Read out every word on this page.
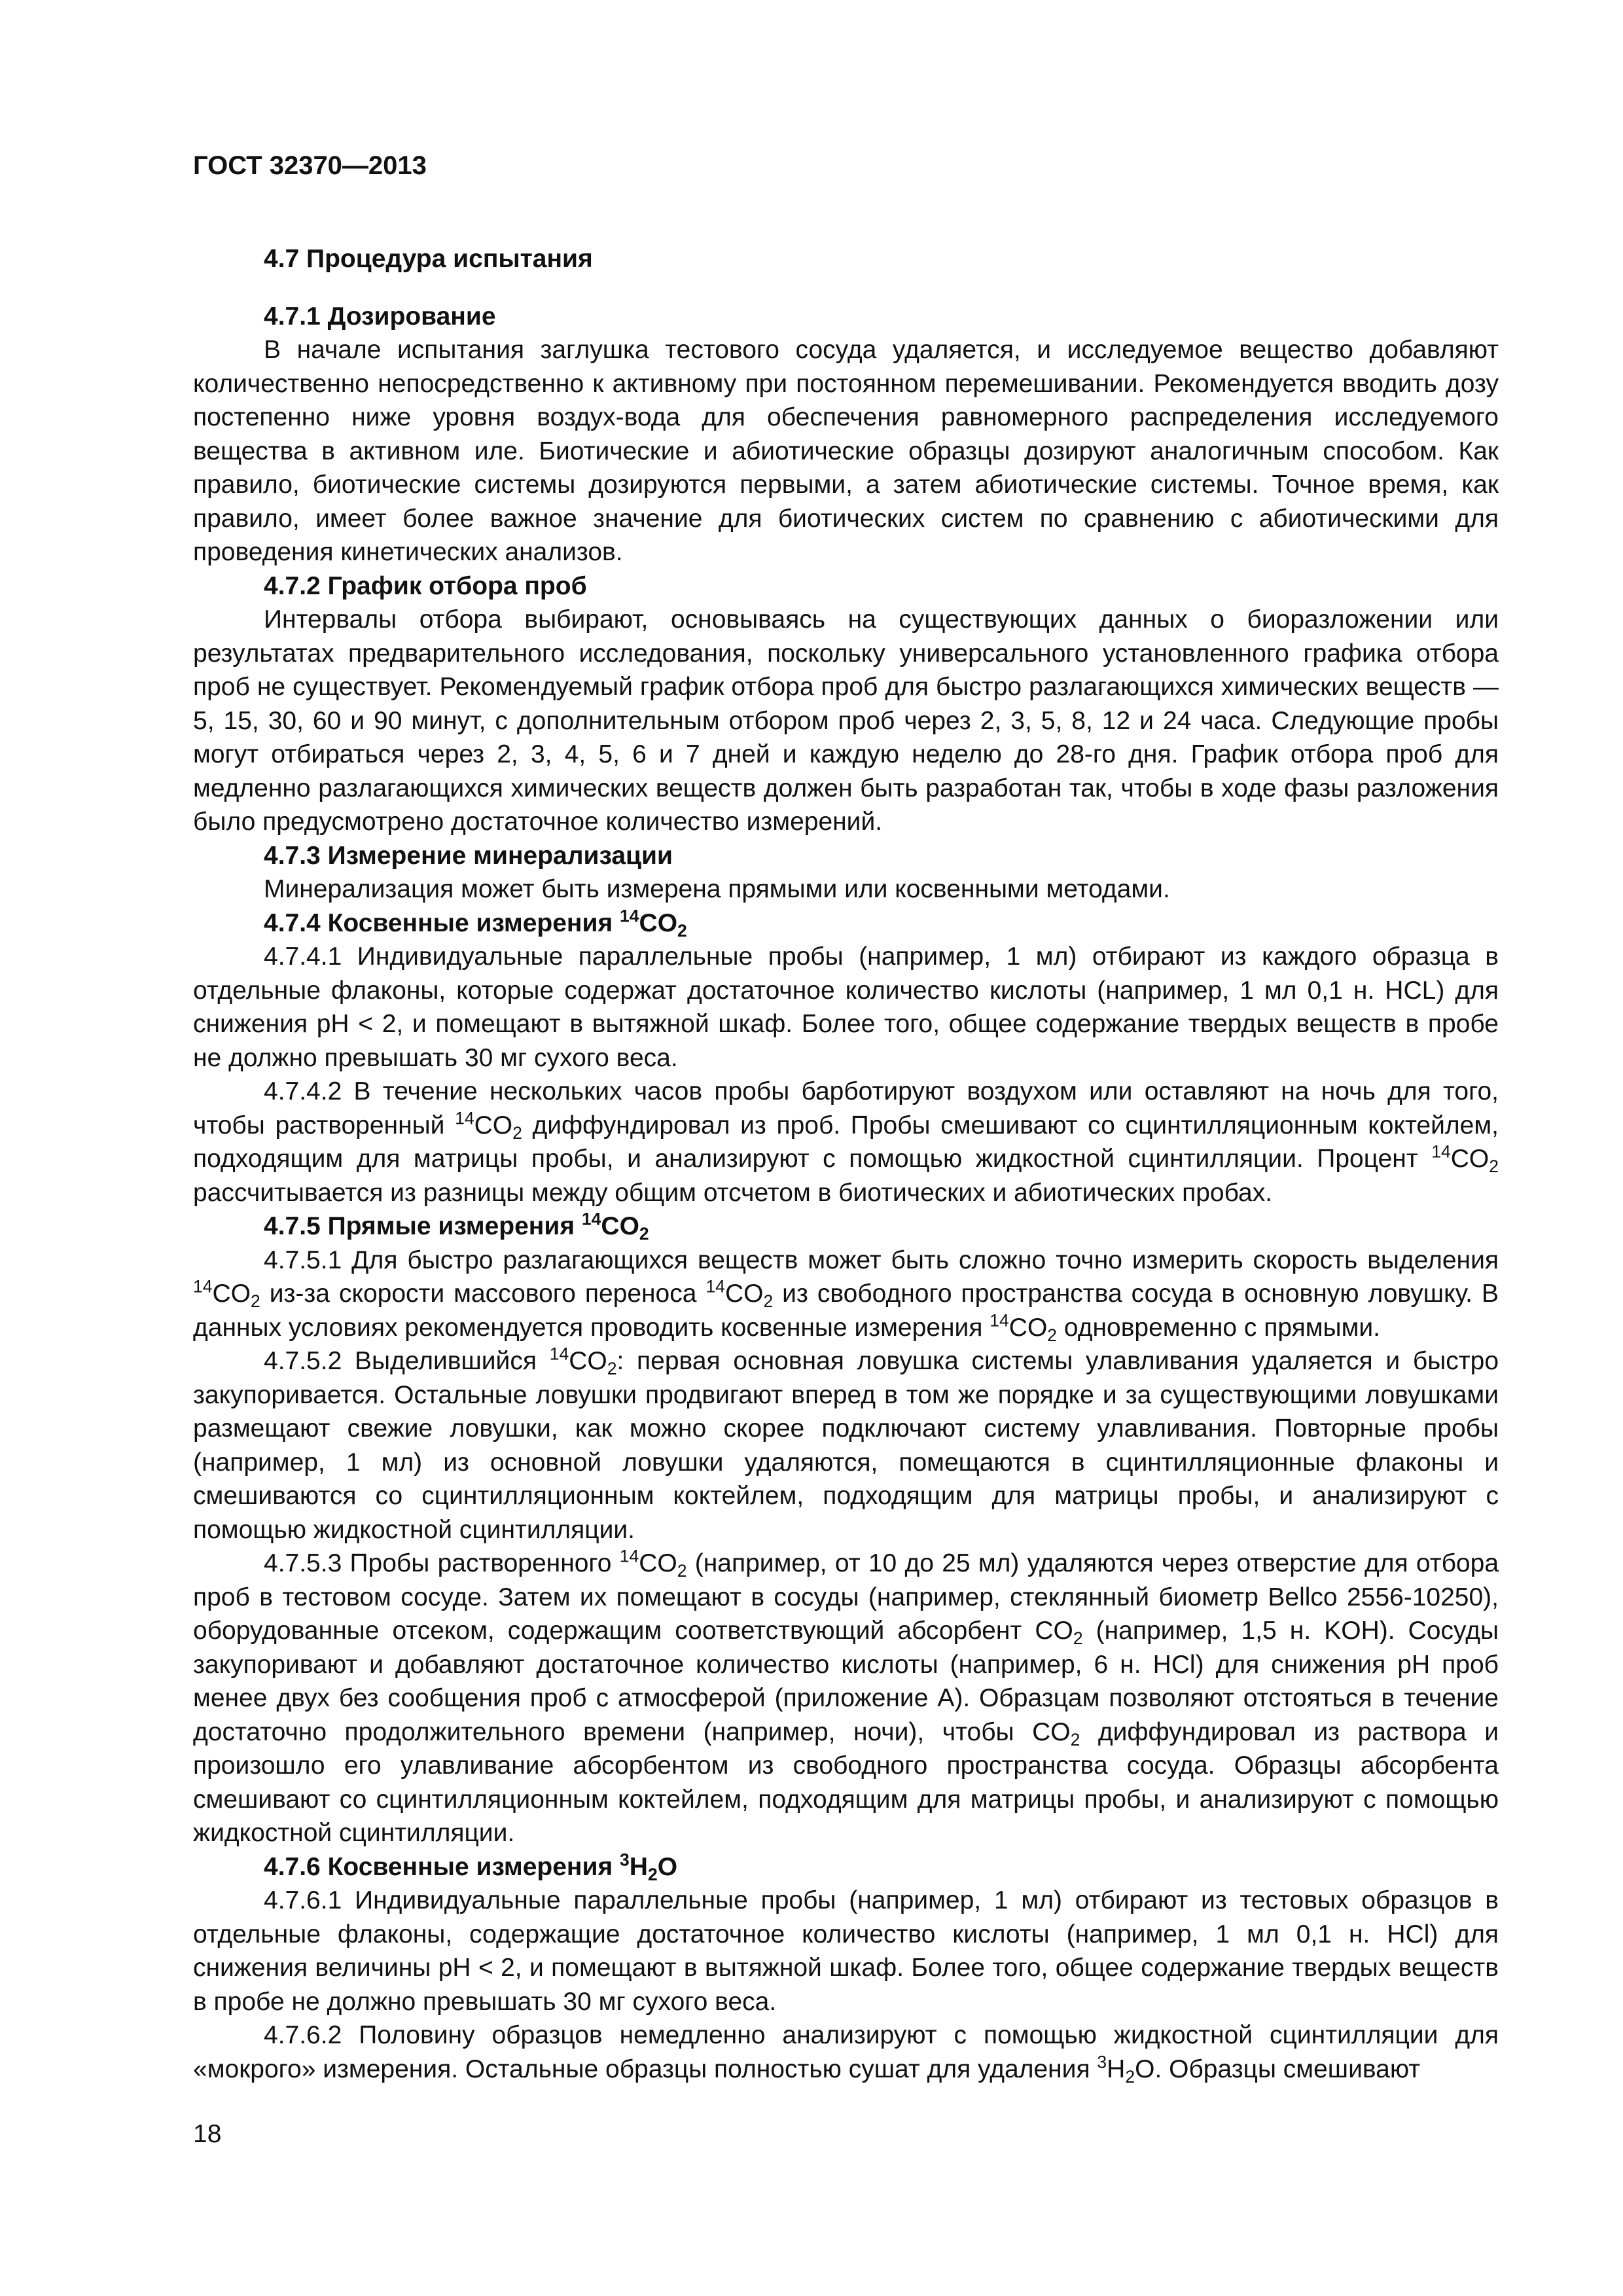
ГОСТ 32370—2013
4.7 Процедура испытания
4.7.1 Дозирование

В начале испытания заглушка тестового сосуда удаляется, и исследуемое вещество добавляют количественно непосредственно к активному при постоянном перемешивании. Рекомендуется вводить дозу постепенно ниже уровня воздух-вода для обеспечения равномерного распределения исследуемого вещества в активном иле. Биотические и абиотические образцы дозируют аналогичным способом. Как правило, биотические системы дозируются первыми, а затем абиотические системы. Точное время, как правило, имеет более важное значение для биотических систем по сравнению с абиотическими для проведения кинетических анализов.

4.7.2 График отбора проб

Интервалы отбора выбирают, основываясь на существующих данных о биоразложении или результатах предварительного исследования, поскольку универсального установленного графика отбора проб не существует. Рекомендуемый график отбора проб для быстро разлагающихся химических веществ — 5, 15, 30, 60 и 90 минут, с дополнительным отбором проб через 2, 3, 5, 8, 12 и 24 часа. Следующие пробы могут отбираться через 2, 3, 4, 5, 6 и 7 дней и каждую неделю до 28-го дня. График отбора проб для медленно разлагающихся химических веществ должен быть разработан так, чтобы в ходе фазы разложения было предусмотрено достаточное количество измерений.

4.7.3 Измерение минерализации

Минерализация может быть измерена прямыми или косвенными методами.

4.7.4 Косвенные измерения $^{14}CO_2$

4.7.4.1 Индивидуальные параллельные пробы (например, 1 мл) отбирают из каждого образца в отдельные флаконы, которые содержат достаточное количество кислоты (например, 1 мл 0,1 н. HCL) для снижения pH < 2, и помещают в вытяжной шкаф. Более того, общее содержание твердых веществ в пробе не должно превышать 30 мг сухого веса.

4.7.4.2 В течение нескольких часов пробы барботируют воздухом или оставляют на ночь для того, чтобы растворенный $^{14}CO_2$ диффундировал из проб. Пробы смешивают со сцинтилляционным коктейлем, подходящим для матрицы пробы, и анализируют с помощью жидкостной сцинтилляции. Процент $^{14}CO_2$ рассчитывается из разницы между общим отсчетом в биотических и абиотических пробах.

4.7.5 Прямые измерения $^{14}CO_2$

4.7.5.1 Для быстро разлагающихся веществ может быть сложно точно измерить скорость выделения $^{14}CO_2$ из-за скорости массового переноса $^{14}CO_2$ из свободного пространства сосуда в основную ловушку. В данных условиях рекомендуется проводить косвенные измерения $^{14}CO_2$ одновременно с прямыми.

4.7.5.2 Выделившийся $^{14}CO_2$: первая основная ловушка системы улавливания удаляется и быстро закупоривается. Остальные ловушки продвигают вперед в том же порядке и за существующими ловушками размещают свежие ловушки, как можно скорее подключают систему улавливания. Повторные пробы (например, 1 мл) из основной ловушки удаляются, помещаются в сцинтилляционные флаконы и смешиваются со сцинтилляционным коктейлем, подходящим для матрицы пробы, и анализируют с помощью жидкостной сцинтилляции.

4.7.5.3 Пробы растворенного $^{14}CO_2$ (например, от 10 до 25 мл) удаляются через отверстие для отбора проб в тестовом сосуде. Затем их помещают в сосуды (например, стеклянный биометр Bellco 2556-10250), оборудованные отсеком, содержащим соответствующий абсорбент $CO_2$ (например, 1,5 н. KOH). Сосуды закупоривают и добавляют достаточное количество кислоты (например, 6 н. HCl) для снижения pH проб менее двух без сообщения проб с атмосферой (приложение A). Образцам позволяют отстояться в течение достаточно продолжительного времени (например, ночи), чтобы $CO_2$ диффундировал из раствора и произошло его улавливание абсорбентом из свободного пространства сосуда. Образцы абсорбента смешивают со сцинтилляционным коктейлем, подходящим для матрицы пробы, и анализируют с помощью жидкостной сцинтилляции.

4.7.6 Косвенные измерения $^3H_2O$

4.7.6.1 Индивидуальные параллельные пробы (например, 1 мл) отбирают из тестовых образцов в отдельные флаконы, содержащие достаточное количество кислоты (например, 1 мл 0,1 н. HCl) для снижения величины pH < 2, и помещают в вытяжной шкаф. Более того, общее содержание твердых веществ в пробе не должно превышать 30 мг сухого веса.

4.7.6.2 Половину образцов немедленно анализируют с помощью жидкостной сцинтилляции для «мокрого» измерения. Остальные образцы полностью сушат для удаления $^3H_2O$. Образцы смешивают

18
